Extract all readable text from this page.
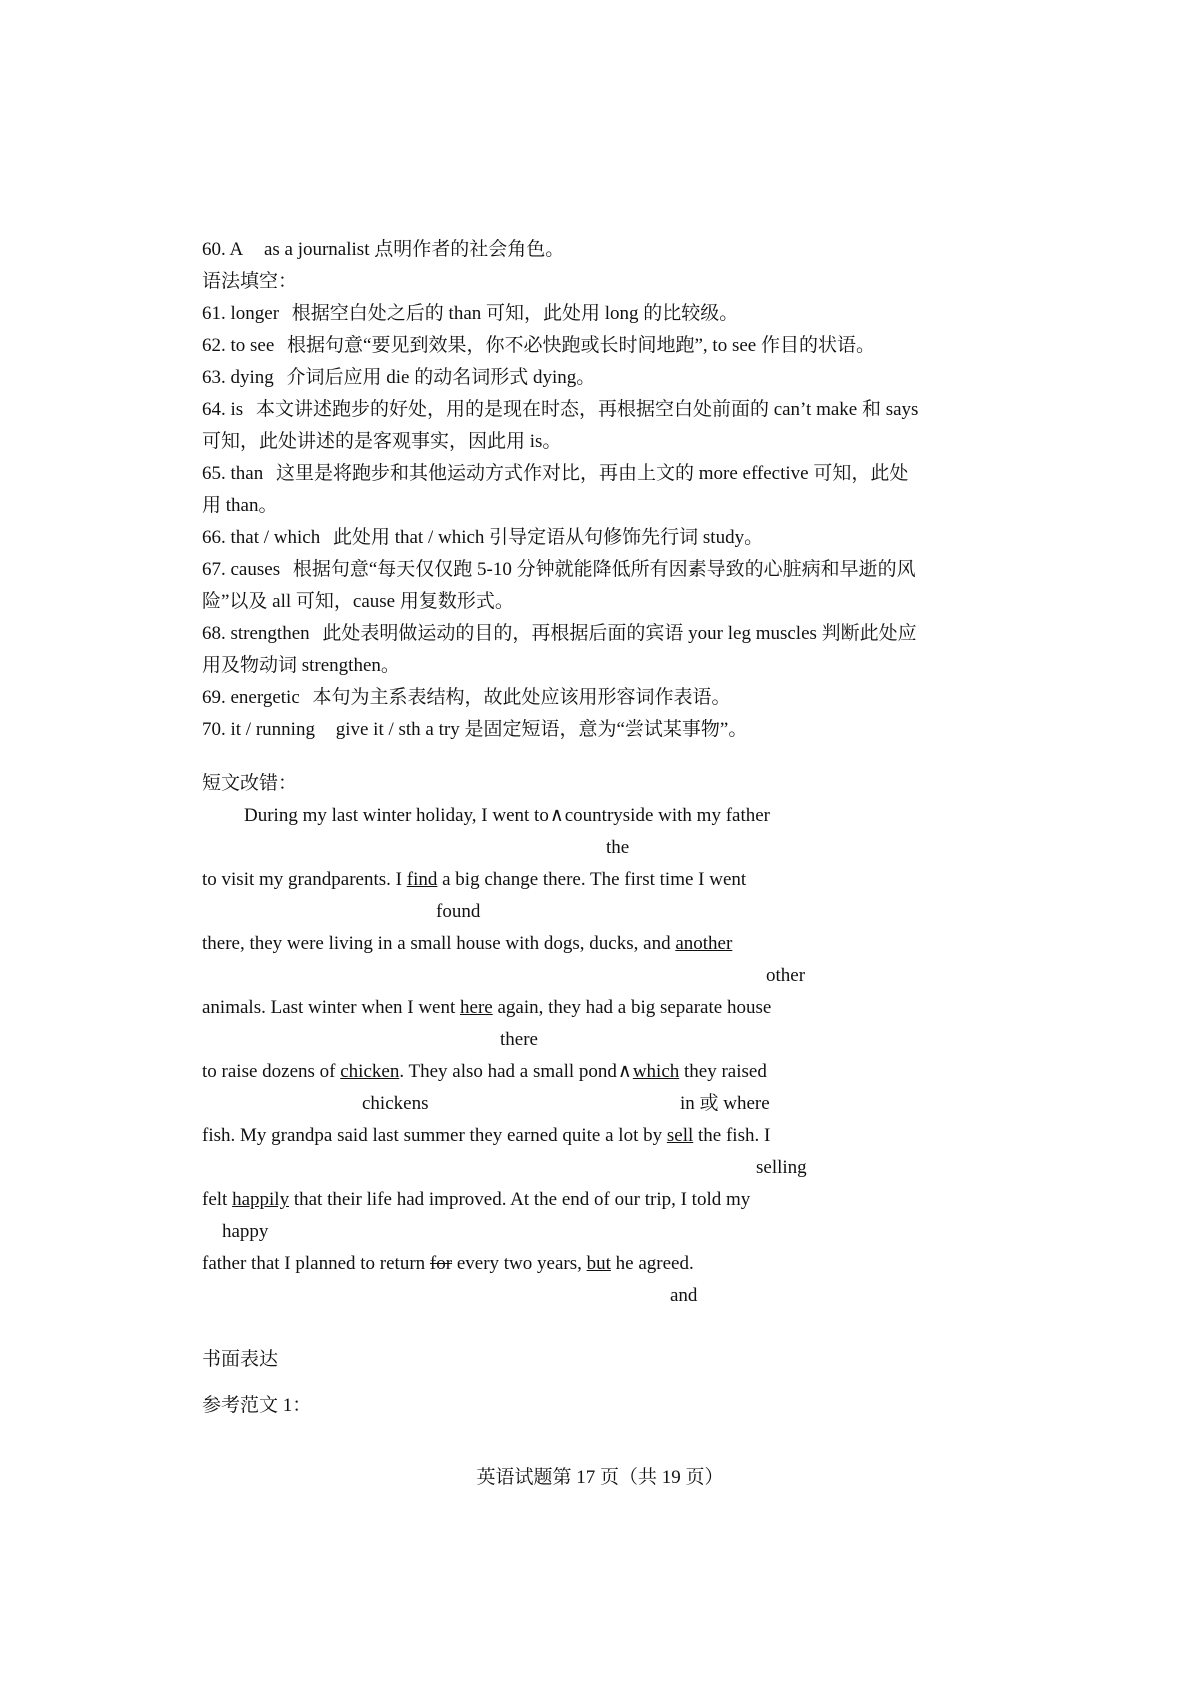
60. A as a journalist 点明作者的社会角色。
语法填空：
61. longer 根据空白处之后的 than 可知，此处用 long 的比较级。
62. to see 根据句意“要见到效果，你不必快跑或长时间地跑”, to see 作目的状语。
63. dying 介词后应用 die 的动名词形式 dying。
64. is 本文讲述跑步的好处，用的是现在时态，再根据空白处前面的 can’t make 和 says
可知，此处讲述的是客观事实，因此用 is。
65. than 这里是将跑步和其他运动方式作对比，再由上文的 more effective 可知，此处
用 than。
66. that / which 此处用 that / which 引导定语从句修饰先行词 study。
67. causes 根据句意“每天仅仅跑 5-10 分钟就能降低所有因素导致的心脏病和早逝的风
险”以及 all 可知，cause 用复数形式。
68. strengthen 此处表明做运动的目的，再根据后面的宾语 your leg muscles 判断此处应
用及物动词 strengthen。
69. energetic 本句为主系表结构，故此处应该用形容词作表语。
70. it / running give it / sth a try 是固定短语，意为“尝试某事物”。
短文改错：
During my last winter holiday, I went to∧countryside with my father
the
to visit my grandparents. I find a big change there. The first time I went
found
there, they were living in a small house with dogs, ducks, and another
other
animals. Last winter when I went here again, they had a big separate house
there
to raise dozens of chicken. They also had a small pond∧which they raised
chickens	in 或 where
fish. My grandpa said last summer they earned quite a lot by sell the fish. I
selling
felt happily that their life had improved. At the end of our trip, I told my
happy
father that I planned to return for every two years, but he agreed.
and
书面表达
参考范文 1：
英语试题第 17 页（共 19 页）
